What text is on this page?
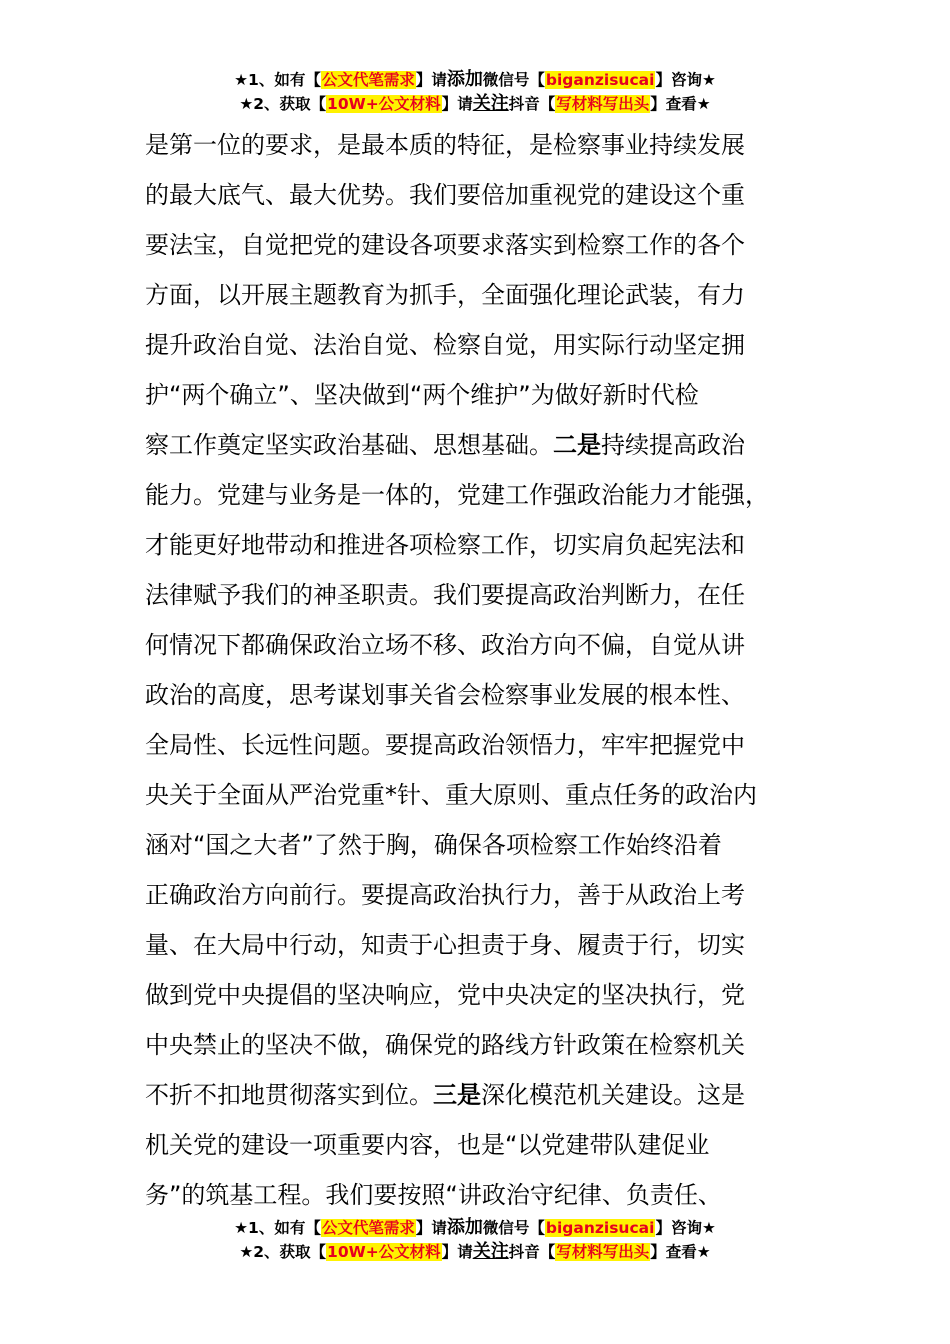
★1、如有【公文代笔需求】请添加微信号【biganzisucai】咨询★
★2、获取【10W+公文材料】请关注抖音【写材料写出头】查看★
是第一位的要求，是最本质的特征，是检察事业持续发展
的最大底气、最大优势。我们要倍加重视党的建设这个重
要法宝，自觉把党的建设各项要求落实到检察工作的各个
方面，以开展主题教育为抓手，全面强化理论武装，有力
提升政治自觉、法治自觉、检察自觉，用实际行动坚定拥
护“两个确立”、坚决做到“两个维护”为做好新时代检
察工作奠定坚实政治基础、思想基础。二是持续提高政治
能力。党建与业务是一体的，党建工作强政治能力才能强，
才能更好地带动和推进各项检察工作，切实肩负起宪法和
法律赋予我们的神圣职责。我们要提高政治判断力，在任
何情况下都确保政治立场不移、政治方向不偏，自觉从讲
政治的高度，思考谋划事关省会检察事业发展的根本性、
全局性、长远性问题。要提高政治领悟力，牢牢把握党中
央关于全面从严治党重*针、重大原则、重点任务的政治内
涵对“国之大者”了然于胸，确保各项检察工作始终沿着
正确政治方向前行。要提高政治执行力，善于从政治上考
量、在大局中行动，知责于心担责于身、履责于行，切实
做到党中央提倡的坚决响应，党中央决定的坚决执行，党
中央禁止的坚决不做，确保党的路线方针政策在检察机关
不折不扣地贯彻落实到位。三是深化模范机关建设。这是
机关党的建设一项重要内容，也是“以党建带队建促业
务”的筑基工程。我们要按照“讲政治守纪律、负责任、
★1、如有【公文代笔需求】请添加微信号【biganzisucai】咨询★
★2、获取【10W+公文材料】请关注抖音【写材料写出头】查看★
